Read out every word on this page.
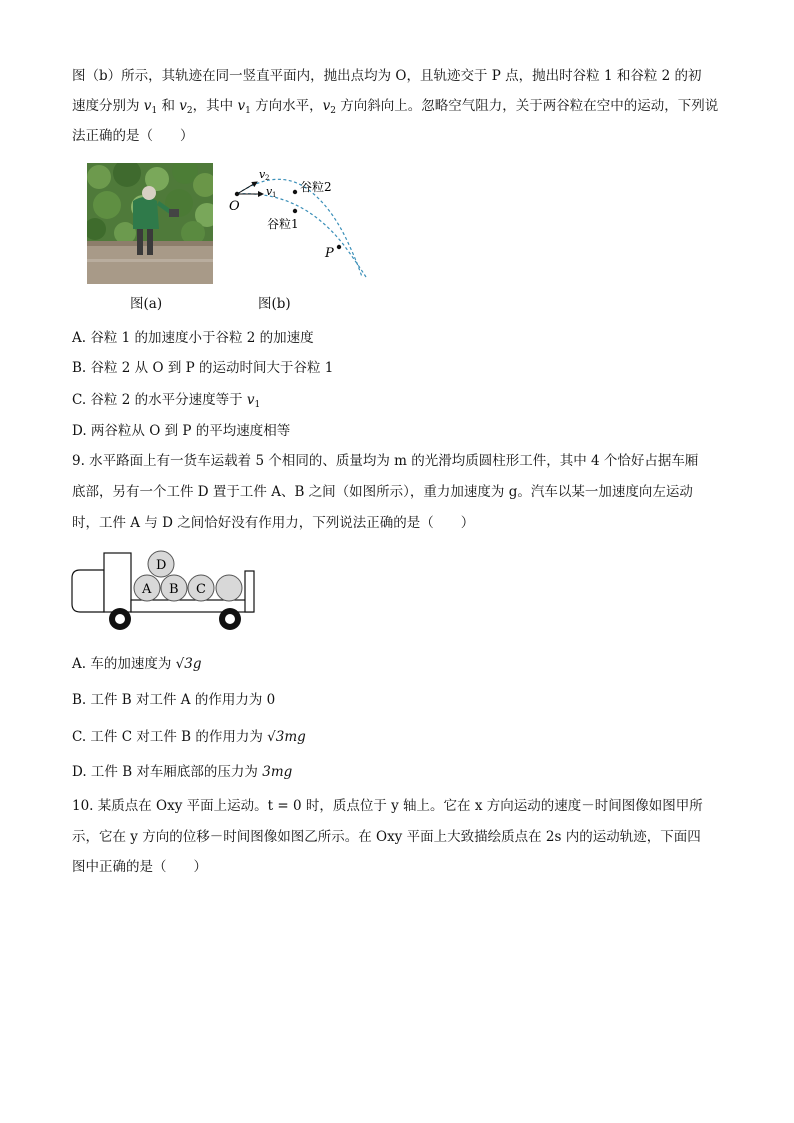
图（b）所示，其轨迹在同一竖直平面内，抛出点均为 O，且轨迹交于 P 点，抛出时谷粒 1 和谷粒 2 的初
速度分别为 $v_1$ 和 $v_2$，其中 $v_1$ 方向水平，$v_2$ 方向斜向上。忽略空气阻力，关于两谷粒在空中的运动，下列说
法正确的是（　　）
图(a)
O
P
v 2
v 1
谷粒2
谷粒1
图(b)
A. 谷粒 1 的加速度小于谷粒 2 的加速度
B. 谷粒 2 从 O 到 P 的运动时间大于谷粒 1
C. 谷粒 2 的水平分速度等于 $v_1$
D. 两谷粒从 O 到 P 的平均速度相等
9. 水平路面上有一货车运载着 5 个相同的、质量均为 m 的光滑均质圆柱形工件，其中 4 个恰好占据车厢
底部，另有一个工件 D 置于工件 A、B 之间（如图所示），重力加速度为 g。汽车以某一加速度向左运动
时，工件 A 与 D 之间恰好没有作用力，下列说法正确的是（　　）
A B C
D
A. 车的加速度为 √3g
B. 工件 B 对工件 A 的作用力为 0
C. 工件 C 对工件 B 的作用力为 √3mg
D. 工件 B 对车厢底部的压力为 3mg
10. 某质点在 Oxy 平面上运动。t = 0 时，质点位于 y 轴上。它在 x 方向运动的速度－时间图像如图甲所
示，它在 y 方向的位移－时间图像如图乙所示。在 Oxy 平面上大致描绘质点在 2s 内的运动轨迹，下面四
图中正确的是（　　）
